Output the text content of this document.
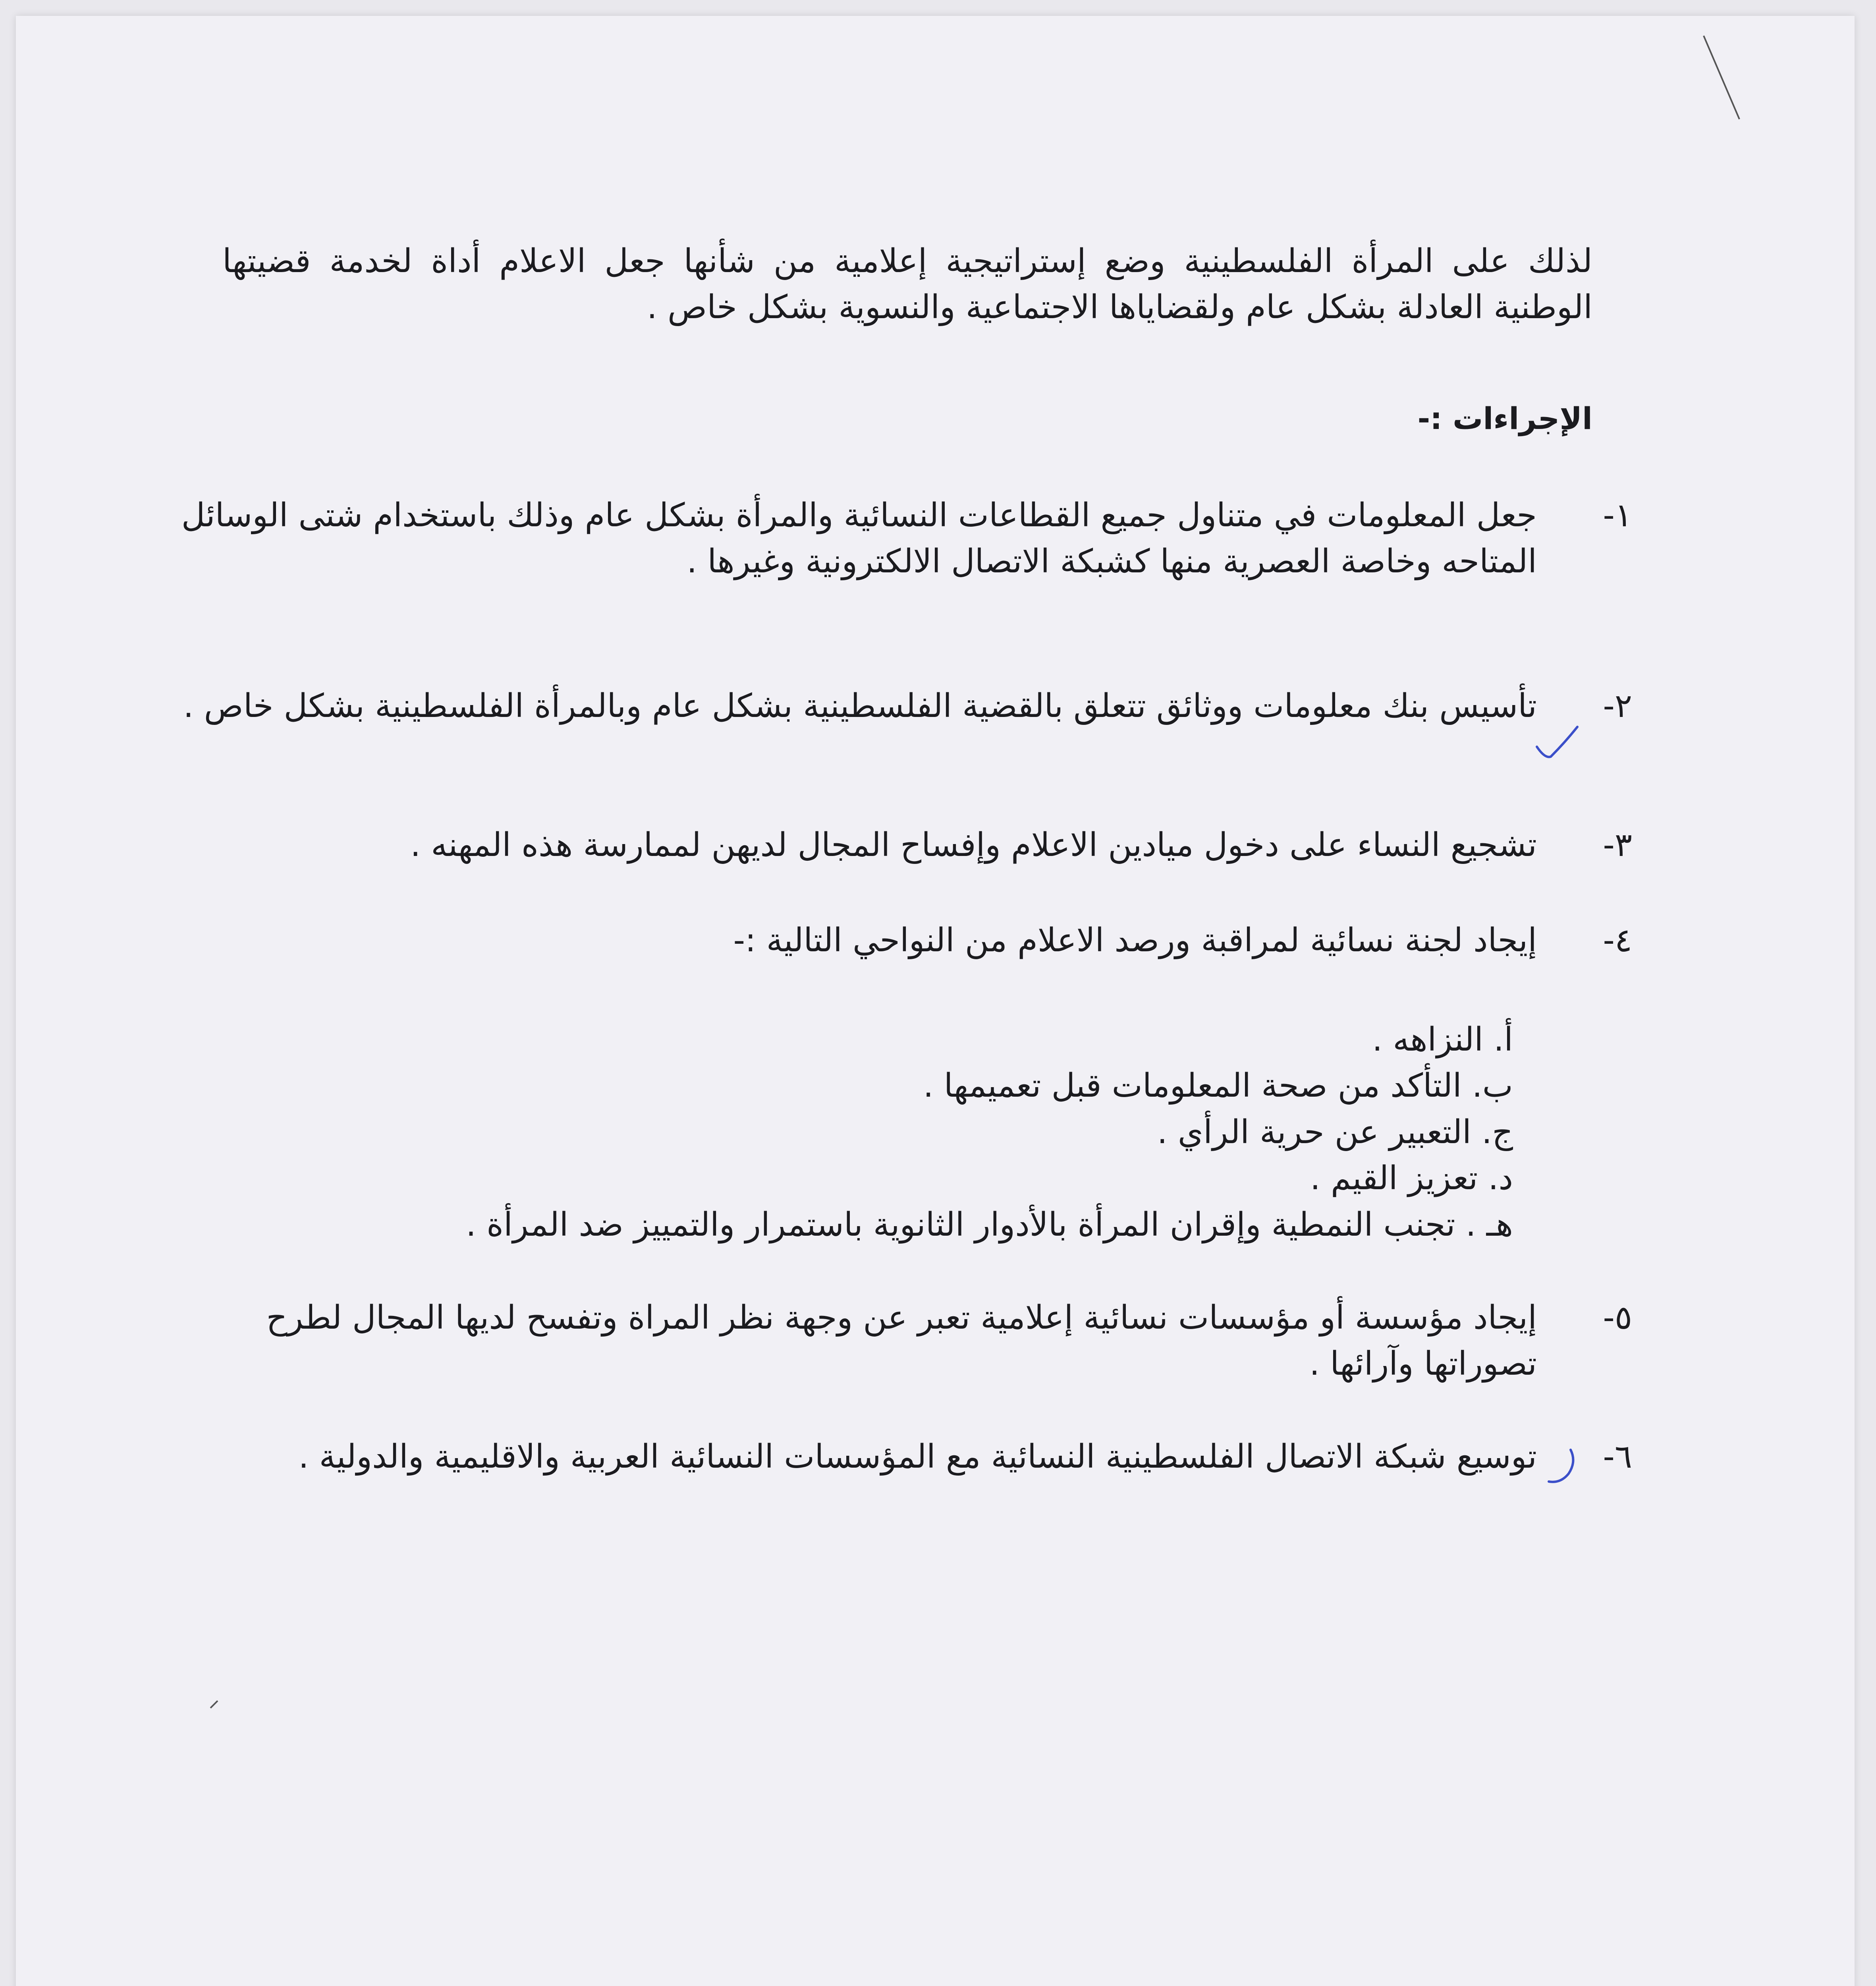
لذلك على المرأة الفلسطينية وضع إستراتيجية إعلامية من شأنها جعل الاعلام أداة لخدمة قضيتها الوطنية العادلة بشكل عام ولقضاياها الاجتماعية والنسوية بشكل خاص .
الإجراءات :-
١-
جعل المعلومات في متناول جميع القطاعات النسائية والمرأة بشكل عام وذلك باستخدام شتى الوسائل المتاحه وخاصة العصرية منها كشبكة الاتصال الالكترونية وغيرها .
٢-
تأسيس بنك معلومات ووثائق تتعلق بالقضية الفلسطينية بشكل عام وبالمرأة الفلسطينية بشكل خاص .
٣-
تشجيع النساء على دخول ميادين الاعلام وإفساح المجال لديهن لممارسة هذه المهنه .
٤-
إيجاد لجنة نسائية لمراقبة ورصد الاعلام من النواحي التالية :-
أ. النزاهه .
ب. التأكد من صحة المعلومات قبل تعميمها .
ج. التعبير عن حرية الرأي .
د. تعزيز القيم .
هـ . تجنب النمطية وإقران المرأة بالأدوار الثانوية باستمرار والتمييز ضد المرأة .
٥-
إيجاد مؤسسة أو مؤسسات نسائية إعلامية تعبر عن وجهة نظر المراة وتفسح لديها المجال لطرح تصوراتها وآرائها .
٦-
توسيع شبكة الاتصال الفلسطينية النسائية مع المؤسسات النسائية العربية والاقليمية والدولية .
